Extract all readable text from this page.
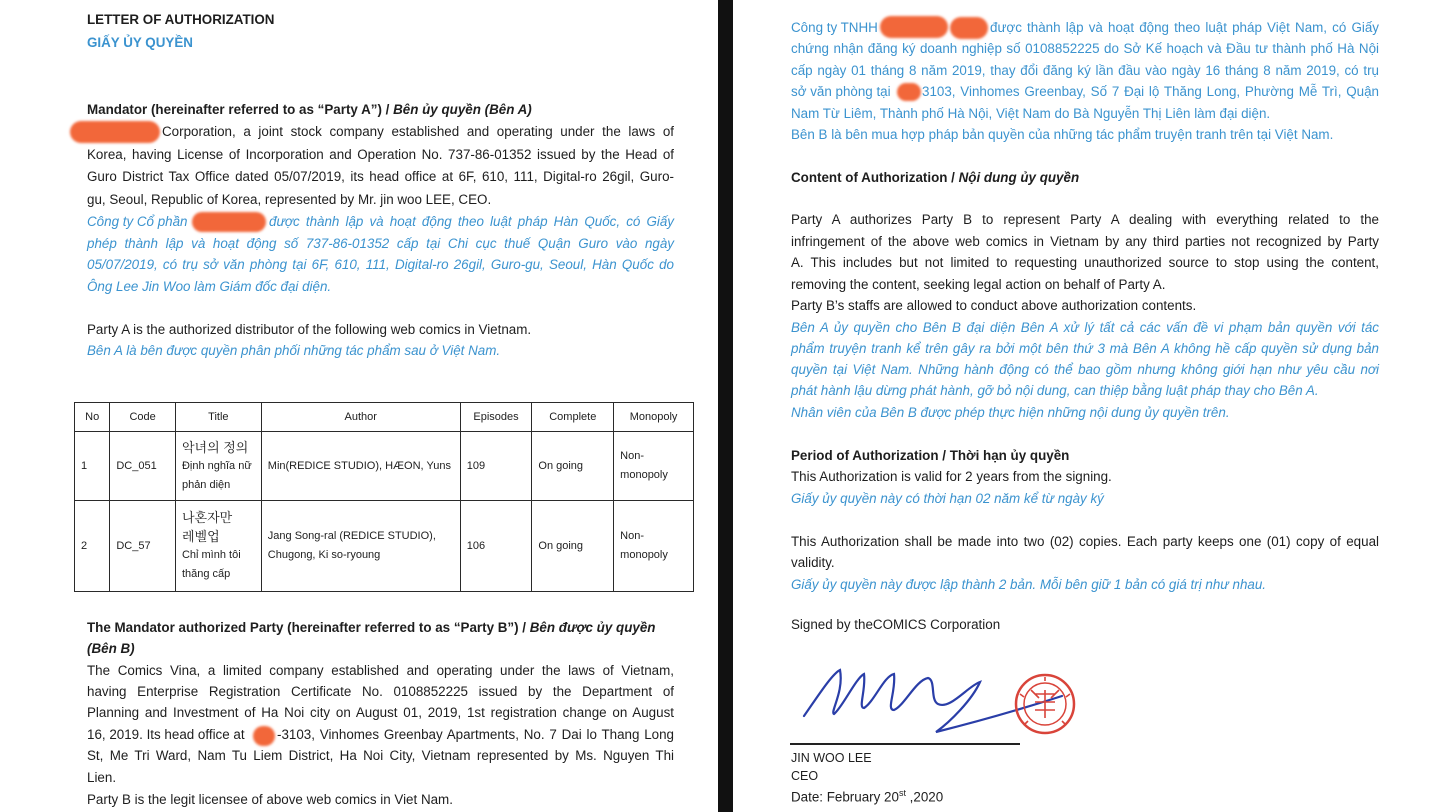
LETTER OF AUTHORIZATION
GIẤY ỦY QUYỀN
Mandator (hereinafter referred to as “Party A”) / Bên ủy quyền (Bên A)
Corporation, a joint stock company established and operating under the laws of
Korea, having License of Incorporation and Operation No. 737-86-01352 issued by the Head of
Guro District Tax Office dated 05/07/2019, its head office at 6F, 610, 111, Digital-ro 26gil, Guro-
gu, Seoul, Republic of Korea, represented by Mr. jin woo LEE, CEO.
Công ty Cổ phần	được thành lập và hoạt động theo luật pháp Hàn Quốc, có Giấy
phép thành lập và hoạt động số 737-86-01352 cấp tại Chi cục thuế Quận Guro vào ngày
05/07/2019, có trụ sở văn phòng tại 6F, 610, 111, Digital-ro 26gil, Guro-gu, Seoul, Hàn Quốc do
Ông Lee Jin Woo làm Giám đốc đại diện.
Party A is the authorized distributor of the following web comics in Vietnam.
Bên A là bên được quyền phân phối những tác phẩm sau ở Việt Nam.
No	Code	Title	Author	Episodes	Complete	Monopoly
1	DC_051	악녀의 정의
Định nghĩa nữ
phản diện	Min(REDICE STUDIO), HÆON, Yuns	109	On going	Non-
monopoly

2	DC_57	나혼자만
레벨업
Chỉ mình tôi
thăng cấp	Jang Song-ral (REDICE STUDIO),
Chugong, Ki so-ryoung	106	On going	Non-
monopoly
The Mandator authorized Party (hereinafter referred to as “Party B”) / Bên được ủy quyền
(Bên B)
The Comics Vina, a limited company established and operating under the laws of Vietnam,
having Enterprise Registration Certificate No. 0108852225 issued by the Department of
Planning and Investment of Ha Noi city on August 01, 2019, 1st registration change on August
16, 2019. Its head office at -3103, Vinhomes Greenbay Apartments, No. 7 Dai lo Thang Long
St, Me Tri Ward, Nam Tu Liem District, Ha Noi City, Vietnam represented by Ms. Nguyen Thi
Lien.
Party B is the legit licensee of above web comics in Viet Nam.
Công ty TNHH	được thành lập và hoạt động theo luật pháp Việt Nam, có Giấy
chứng nhận đăng ký doanh nghiệp số 0108852225 do Sở Kế hoạch và Đầu tư thành phố Hà Nội
cấp ngày 01 tháng 8 năm 2019, thay đổi đăng ký lần đầu vào ngày 16 tháng 8 năm 2019, có trụ
sở văn phòng tại 3103, Vinhomes Greenbay, Số 7 Đại lộ Thăng Long, Phường Mễ Trì, Quận
Nam Từ Liêm, Thành phố Hà Nội, Việt Nam do Bà Nguyễn Thị Liên làm đại diện.
Bên B là bên mua hợp pháp bản quyền của những tác phẩm truyện tranh trên tại Việt Nam.
Content of Authorization / Nội dung ủy quyền
Party A authorizes Party B to represent Party A dealing with everything related to the
infringement of the above web comics in Vietnam by any third parties not recognized by Party
A. This includes but not limited to requesting unauthorized source to stop using the content,
removing the content, seeking legal action on behalf of Party A.
Party B’s staffs are allowed to conduct above authorization contents.
Bên A ủy quyền cho Bên B đại diện Bên A xử lý tất cả các vấn đề vi phạm bản quyền với tác
phẩm truyện tranh kể trên gây ra bởi một bên thứ 3 mà Bên A không hề cấp quyền sử dụng bản
quyền tại Việt Nam. Những hành động có thể bao gồm nhưng không giới hạn như yêu cầu nơi
phát hành lậu dừng phát hành, gỡ bỏ nội dung, can thiệp bằng luật pháp thay cho Bên A.
Nhân viên của Bên B được phép thực hiện những nội dung ủy quyền trên.
Period of Authorization / Thời hạn ủy quyền
This Authorization is valid for 2 years from the signing.
Giấy ủy quyền này có thời hạn 02 năm kể từ ngày ký
This Authorization shall be made into two (02) copies. Each party keeps one (01) copy of equal
validity.
Giấy ủy quyền này được lập thành 2 bản. Mỗi bên giữ 1 bản có giá trị như nhau.
Signed by theCOMICS Corporation
JIN WOO LEE
CEO
Date: February 20st ,2020
